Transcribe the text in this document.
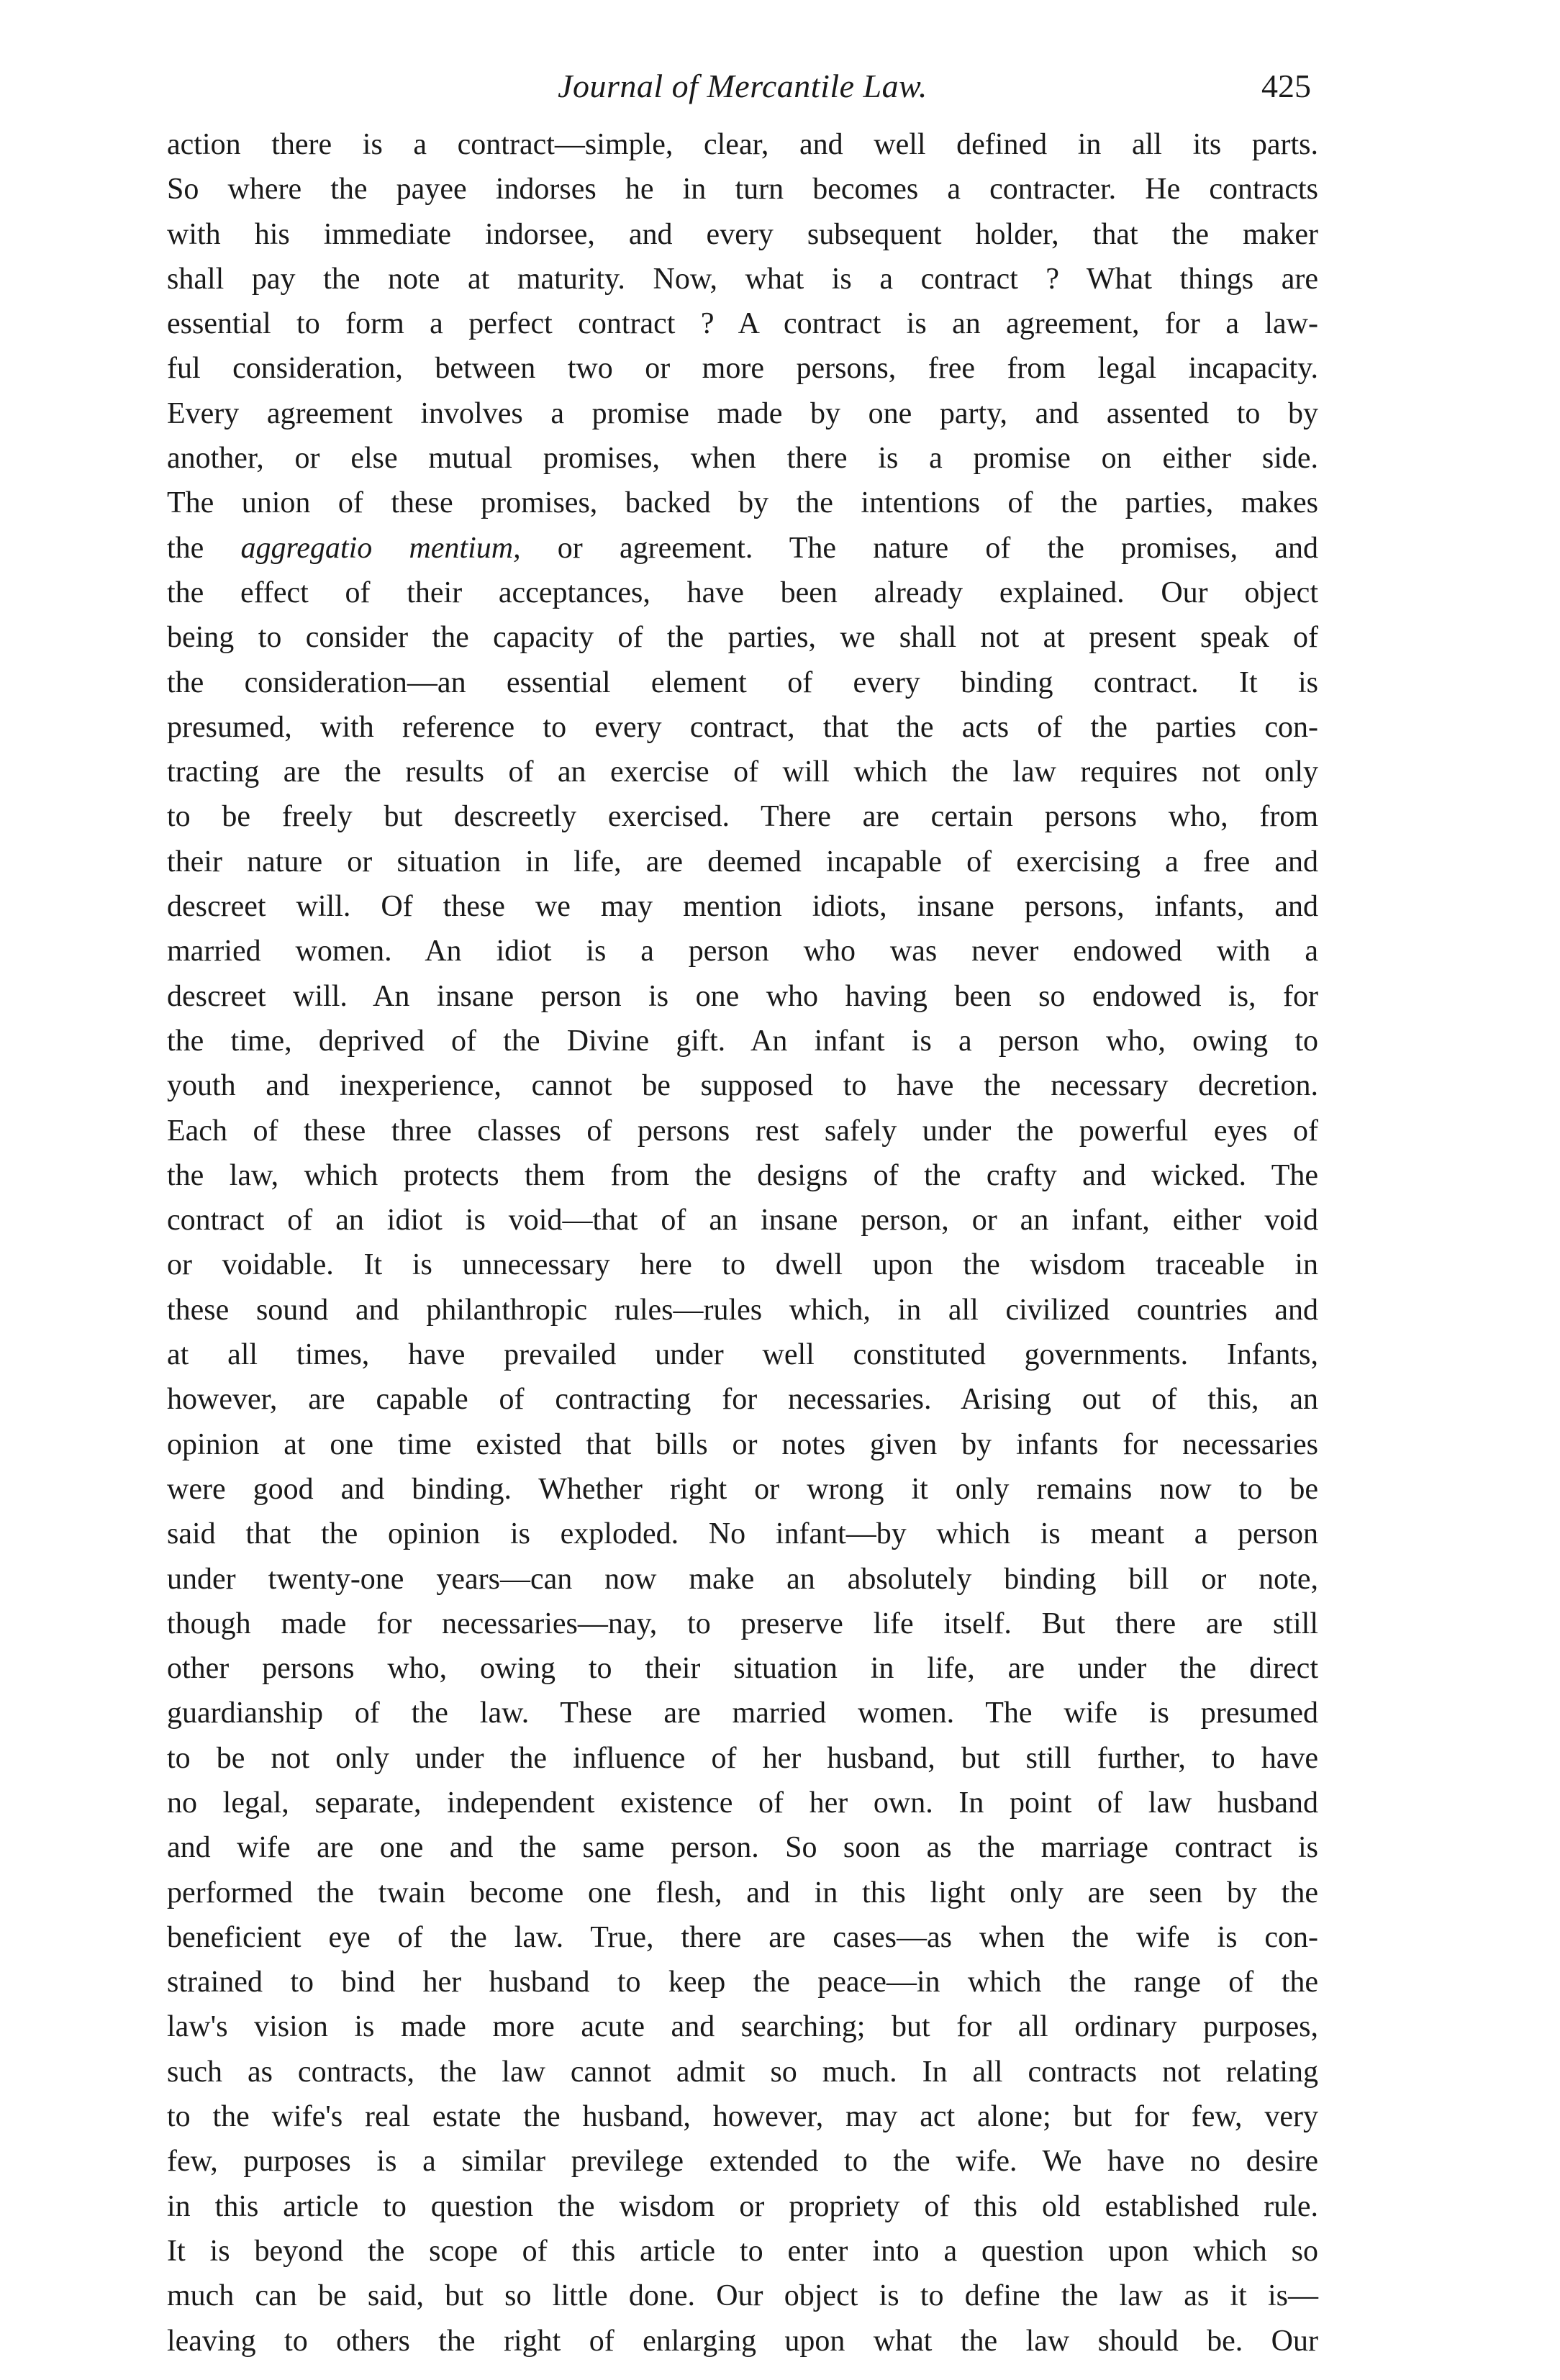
Journal of Mercantile Law.	425
action there is a contract—simple, clear, and well defined in all its parts.
So where the payee indorses he in turn becomes a contracter. He contracts
with his immediate indorsee, and every subsequent holder, that the maker
shall pay the note at maturity. Now, what is a contract ? What things are
essential to form a perfect contract ? A contract is an agreement, for a law-
ful consideration, between two or more persons, free from legal incapacity.
Every agreement involves a promise made by one party, and assented to by
another, or else mutual promises, when there is a promise on either side.
The union of these promises, backed by the intentions of the parties, makes
the aggregatio mentium, or agreement. The nature of the promises, and
the effect of their acceptances, have been already explained. Our object
being to consider the capacity of the parties, we shall not at present speak of
the consideration—an essential element of every binding contract. It is
presumed, with reference to every contract, that the acts of the parties con-
tracting are the results of an exercise of will which the law requires not only
to be freely but descreetly exercised. There are certain persons who, from
their nature or situation in life, are deemed incapable of exercising a free and
descreet will. Of these we may mention idiots, insane persons, infants, and
married women. An idiot is a person who was never endowed with a
descreet will. An insane person is one who having been so endowed is, for
the time, deprived of the Divine gift. An infant is a person who, owing to
youth and inexperience, cannot be supposed to have the necessary decretion.
Each of these three classes of persons rest safely under the powerful eyes of
the law, which protects them from the designs of the crafty and wicked. The
contract of an idiot is void—that of an insane person, or an infant, either void
or voidable. It is unnecessary here to dwell upon the wisdom traceable in
these sound and philanthropic rules—rules which, in all civilized countries and
at all times, have prevailed under well constituted governments. Infants,
however, are capable of contracting for necessaries. Arising out of this, an
opinion at one time existed that bills or notes given by infants for necessaries
were good and binding. Whether right or wrong it only remains now to be
said that the opinion is exploded. No infant—by which is meant a person
under twenty-one years—can now make an absolutely binding bill or note,
though made for necessaries—nay, to preserve life itself. But there are still
other persons who, owing to their situation in life, are under the direct
guardianship of the law. These are married women. The wife is presumed
to be not only under the influence of her husband, but still further, to have
no legal, separate, independent existence of her own. In point of law husband
and wife are one and the same person. So soon as the marriage contract is
performed the twain become one flesh, and in this light only are seen by the
beneficient eye of the law. True, there are cases—as when the wife is con-
strained to bind her husband to keep the peace—in which the range of the
law's vision is made more acute and searching; but for all ordinary purposes,
such as contracts, the law cannot admit so much. In all contracts not relating
to the wife's real estate the husband, however, may act alone; but for few, very
few, purposes is a similar previlege extended to the wife. We have no desire
in this article to question the wisdom or propriety of this old established rule.
It is beyond the scope of this article to enter into a question upon which so
much can be said, but so little done. Our object is to define the law as it is—
leaving to others the right of enlarging upon what the law should be. Our
